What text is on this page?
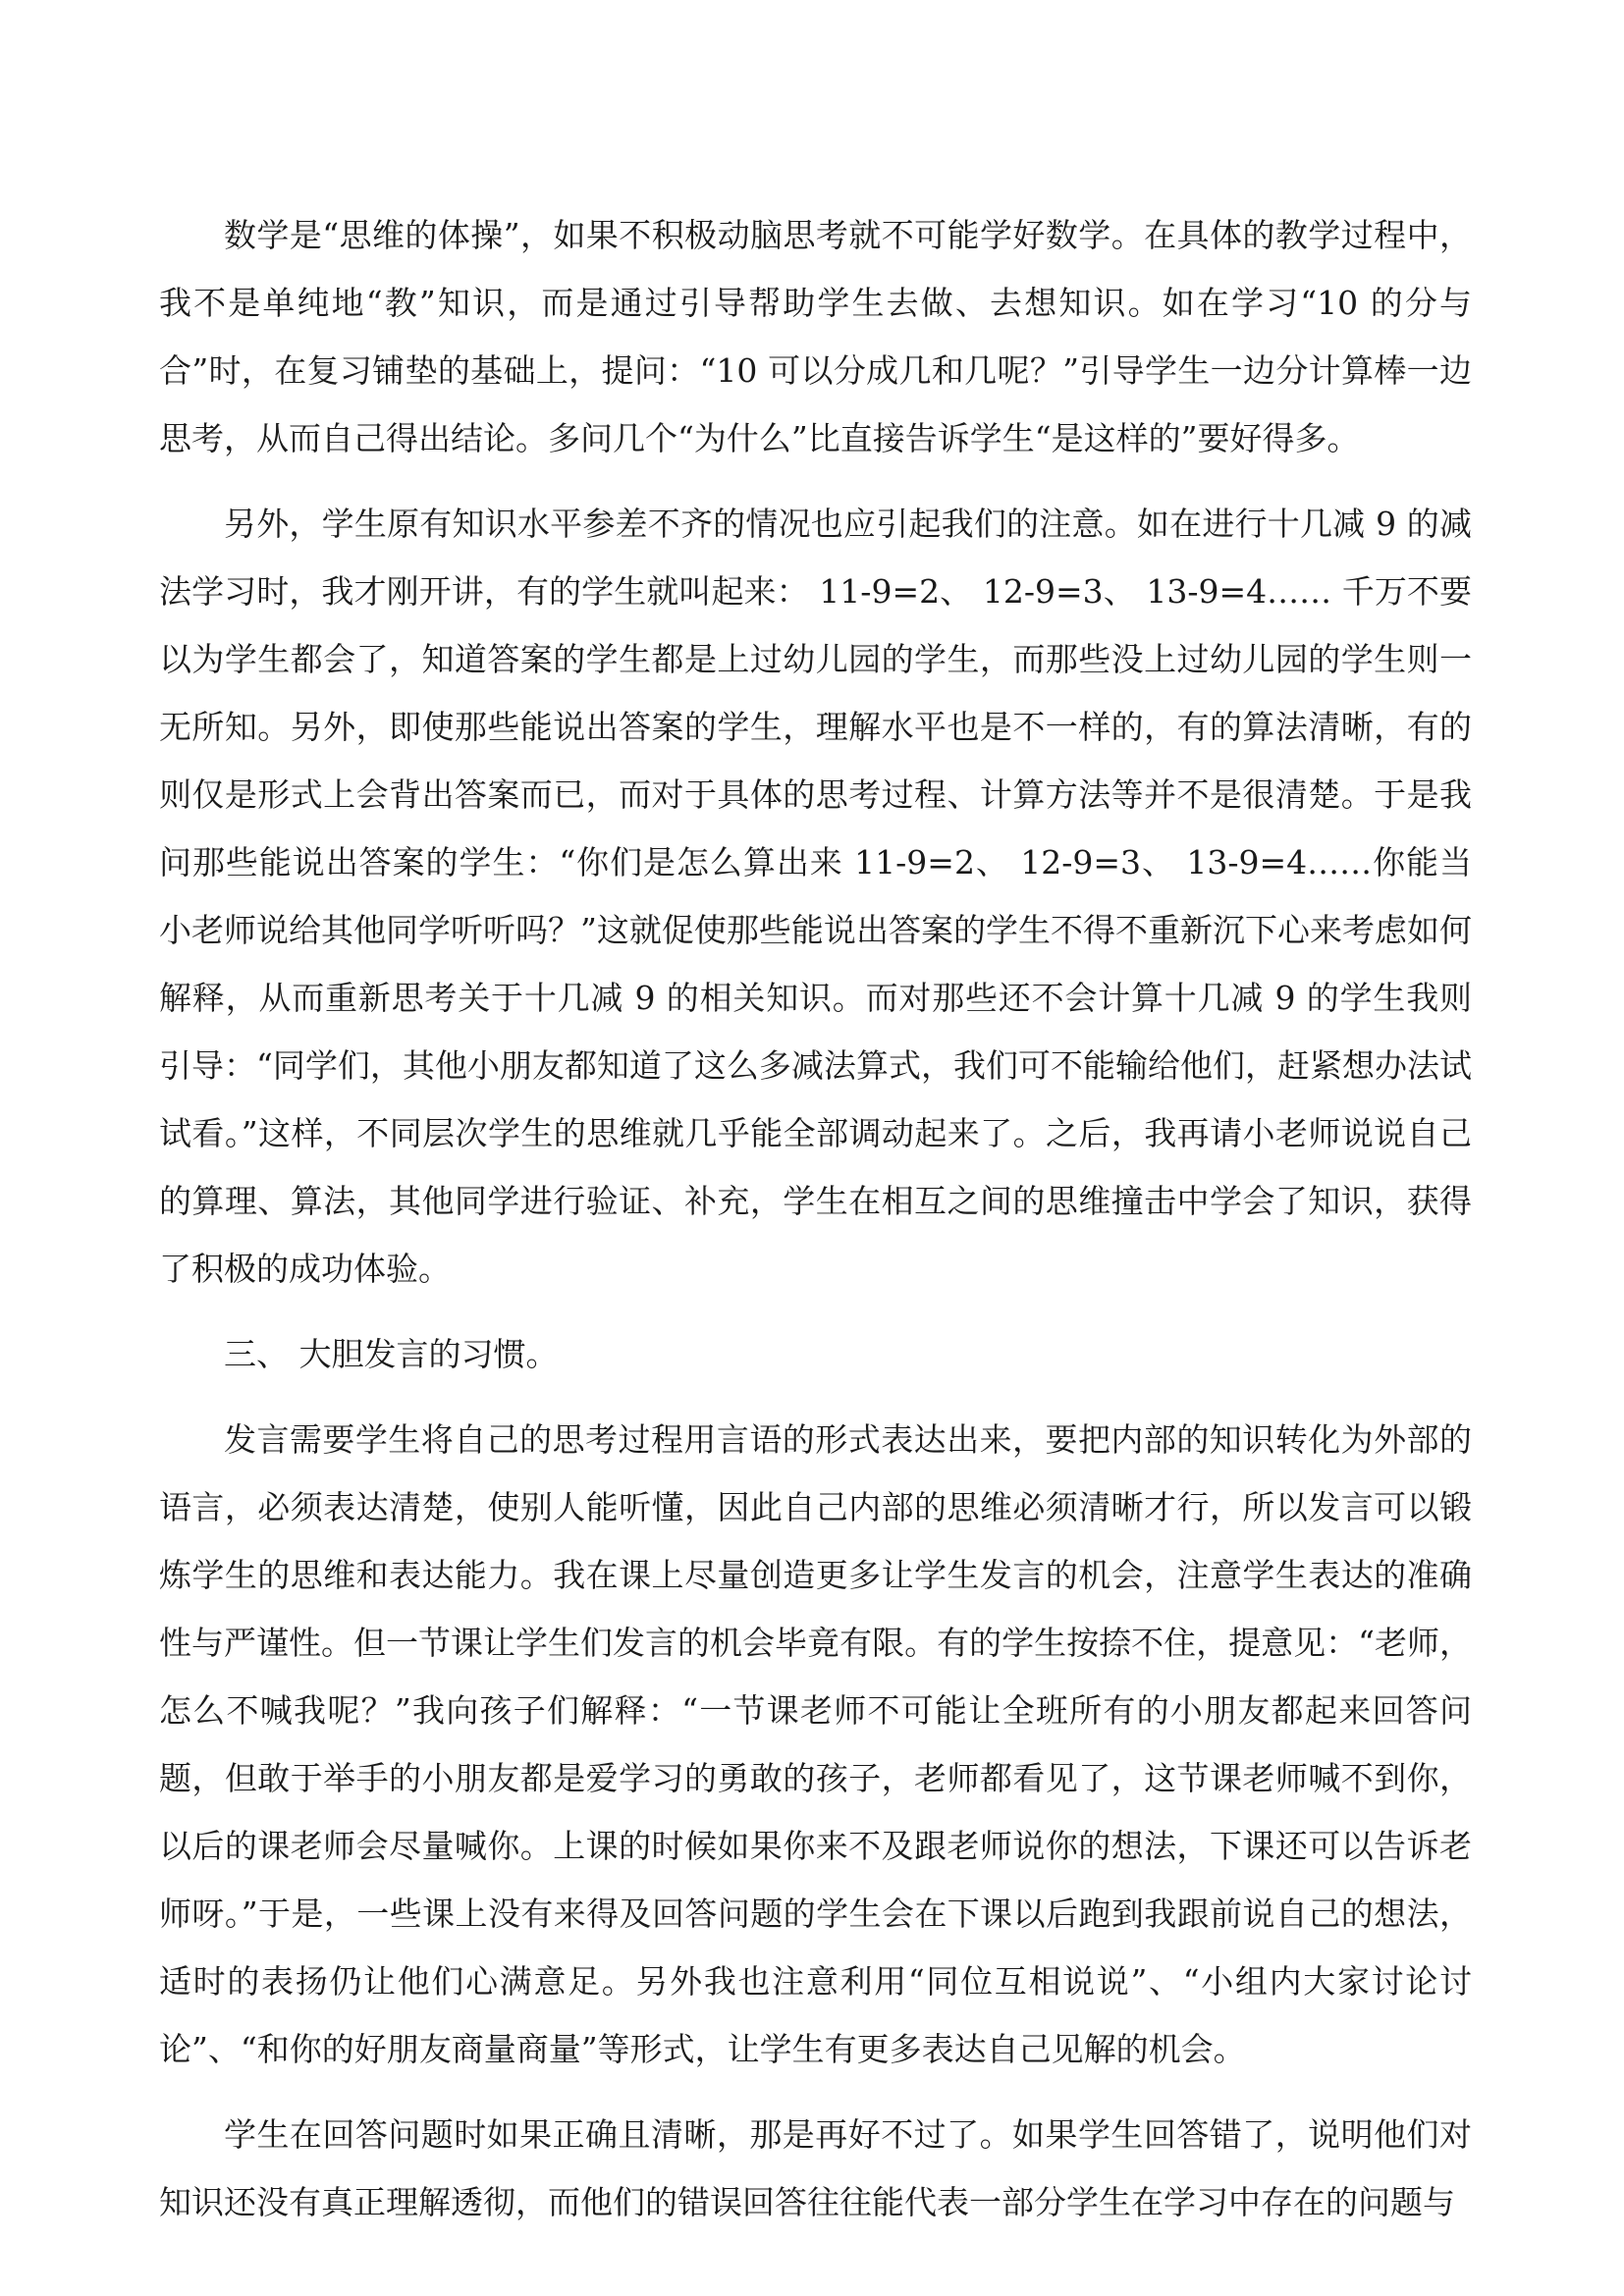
数学是“思维的体操”，如果不积极动脑思考就不可能学好数学。在具体的教学过程中，我不是单纯地“教”知识，而是通过引导帮助学生去做、去想知识。如在学习“10 的分与合”时，在复习铺垫的基础上，提问：“10 可以分成几和几呢？”引导学生一边分计算棒一边思考，从而自己得出结论。多问几个“为什么”比直接告诉学生“是这样的”要好得多。

另外，学生原有知识水平参差不齐的情况也应引起我们的注意。如在进行十几减 9 的减法学习时，我才刚开讲，有的学生就叫起来： 11-9=2、 12-9=3、 13-9=4…… 千万不要以为学生都会了，知道答案的学生都是上过幼儿园的学生，而那些没上过幼儿园的学生则一无所知。另外，即使那些能说出答案的学生，理解水平也是不一样的，有的算法清晰，有的则仅是形式上会背出答案而已，而对于具体的思考过程、计算方法等并不是很清楚。于是我问那些能说出答案的学生：“你们是怎么算出来 11-9=2、 12-9=3、 13-9=4……你能当小老师说给其他同学听听吗？”这就促使那些能说出答案的学生不得不重新沉下心来考虑如何解释，从而重新思考关于十几减 9 的相关知识。而对那些还不会计算十几减 9 的学生我则引导：“同学们，其他小朋友都知道了这么多减法算式，我们可不能输给他们，赶紧想办法试试看。”这样，不同层次学生的思维就几乎能全部调动起来了。之后，我再请小老师说说自己的算理、算法，其他同学进行验证、补充，学生在相互之间的思维撞击中学会了知识，获得了积极的成功体验。

三、 大胆发言的习惯。

发言需要学生将自己的思考过程用言语的形式表达出来，要把内部的知识转化为外部的语言，必须表达清楚，使别人能听懂，因此自己内部的思维必须清晰才行，所以发言可以锻炼学生的思维和表达能力。我在课上尽量创造更多让学生发言的机会，注意学生表达的准确性与严谨性。但一节课让学生们发言的机会毕竟有限。有的学生按捺不住，提意见：“老师，怎么不喊我呢？”我向孩子们解释：“一节课老师不可能让全班所有的小朋友都起来回答问题，但敢于举手的小朋友都是爱学习的勇敢的孩子，老师都看见了，这节课老师喊不到你，以后的课老师会尽量喊你。上课的时候如果你来不及跟老师说你的想法，下课还可以告诉老师呀。”于是，一些课上没有来得及回答问题的学生会在下课以后跑到我跟前说自己的想法，适时的表扬仍让他们心满意足。另外我也注意利用“同位互相说说”、“小组内大家讨论讨论”、“和你的好朋友商量商量”等形式，让学生有更多表达自己见解的机会。

学生在回答问题时如果正确且清晰，那是再好不过了。如果学生回答错了，说明他们对知识还没有真正理解透彻，而他们的错误回答往往能代表一部分学生在学习中存在的问题与
